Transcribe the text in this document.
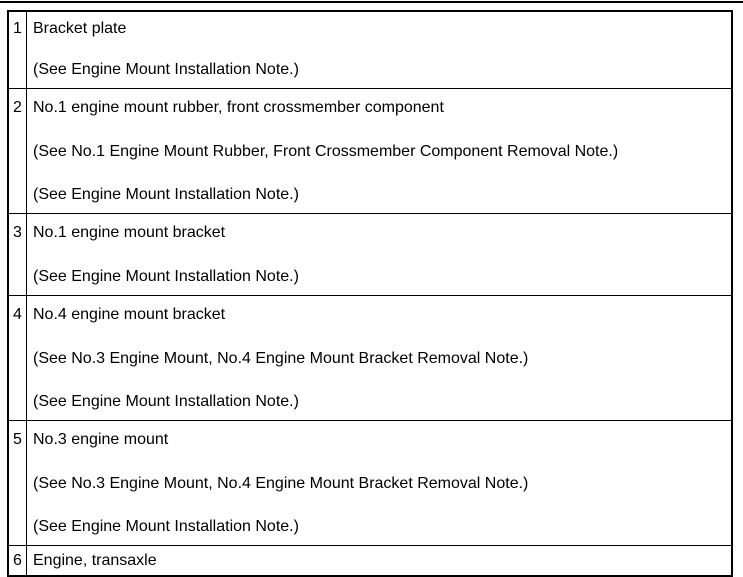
1	Bracket plate
(See Engine Mount Installation Note.)

2	No.1 engine mount rubber, front crossmember component
(See No.1 Engine Mount Rubber, Front Crossmember Component Removal Note.)
(See Engine Mount Installation Note.)

3	No.1 engine mount bracket
(See Engine Mount Installation Note.)

4	No.4 engine mount bracket
(See No.3 Engine Mount, No.4 Engine Mount Bracket Removal Note.)
(See Engine Mount Installation Note.)

5	No.3 engine mount
(See No.3 Engine Mount, No.4 Engine Mount Bracket Removal Note.)
(See Engine Mount Installation Note.)

6	Engine, transaxle
